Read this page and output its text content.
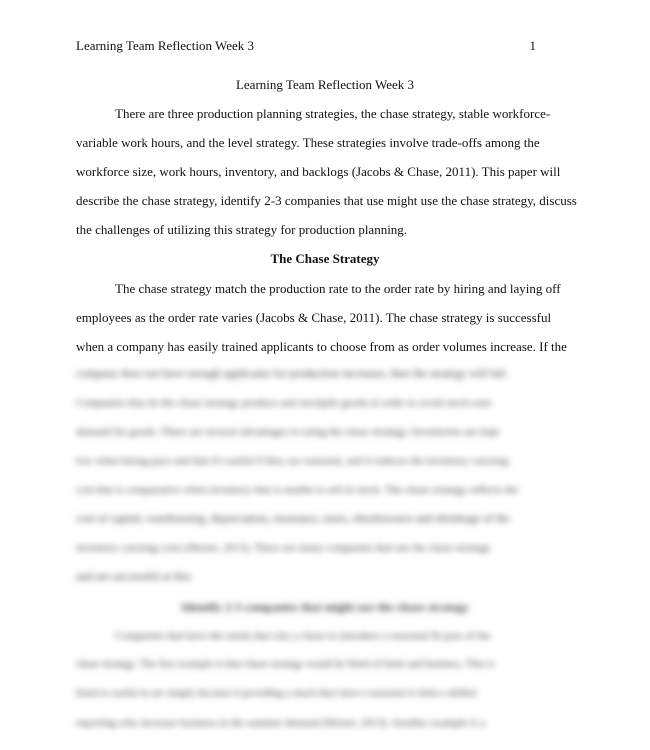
Learning Team Reflection Week 3	1
Learning Team Reflection Week 3
There are three production planning strategies, the chase strategy, stable workforce-
variable work hours, and the level strategy. These strategies involve trade-offs among the
workforce size, work hours, inventory, and backlogs (Jacobs & Chase, 2011). This paper will
describe the chase strategy, identify 2-3 companies that use might use the chase strategy, discuss
the challenges of utilizing this strategy for production planning.
The Chase Strategy
The chase strategy match the production rate to the order rate by hiring and laying off
employees as the order rate varies (Jacobs & Chase, 2011). The chase strategy is successful
when a company has easily trained applicants to choose from as order volumes increase. If the
company does not have enough applicants for production increases, then the strategy will fail.
Companies that do the chase strategy produce and stockpile goods in order to avoid stock-outs
demand for goods. There are several advantages to using the chase strategy. Inventories are kept
low when hiring pays and that it's useful if they are seasonal, and it reduces the inventory carrying
cost that is comparative when inventory that is unable to sell in stock. The chase strategy reflects the
cost of capital, warehousing, depreciation, insurance, taxes, obsolescence and shrinkage of the
inventory carrying costs (Heizer, 2013). There are many companies that use the chase strategy
and are successful at this.
Identify 2-3 companies that might use the chase strategy
Companies that have the needs that rely a chase to introduce a seasonal fit pass of the
chase strategy. The first example is that chase strategy would be fitted of hotel and business. This is
listed to useful in are simply because it providing a much they have a seasonal to limit a skilled
reporting who increase business in the summer demand (Heizer, 2013). Another example is a
